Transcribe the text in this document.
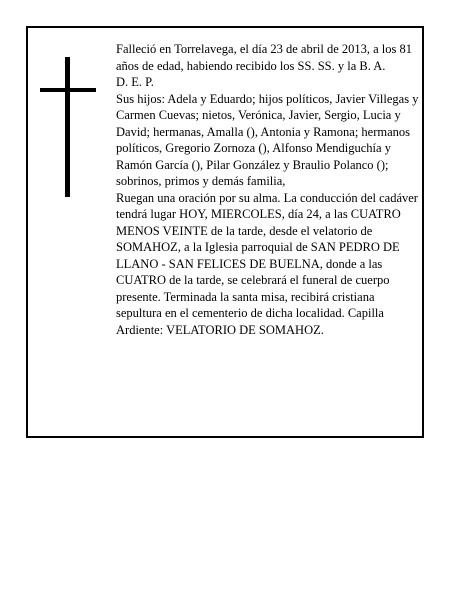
Falleció en Torrelavega, el día 23 de abril de 2013, a los 81 años de edad, habiendo recibido los SS. SS. y la B. A.

D. E. P.

Sus hijos: Adela y Eduardo; hijos políticos, Javier Villegas y Carmen Cuevas; nietos, Verónica, Javier, Sergio, Lucia y David; hermanas, Amalla (), Antonia y Ramona; hermanos políticos, Gregorio Zornoza (), Alfonso Mendiguchía y Ramón García (), Pilar González y Braulio Polanco (); sobrinos, primos y demás familia,

Ruegan una oración por su alma. La conducción del cadáver tendrá lugar HOY, MIERCOLES, día 24, a las CUATRO MENOS VEINTE de la tarde, desde el velatorio de SOMAHOZ, a la Iglesia parroquial de SAN PEDRO DE LLANO - SAN FELICES DE BUELNA, donde a las CUATRO de la tarde, se celebrará el funeral de cuerpo presente. Terminada la santa misa, recibirá cristiana sepultura en el cementerio de dicha localidad. Capilla Ardiente: VELATORIO DE SOMAHOZ.
